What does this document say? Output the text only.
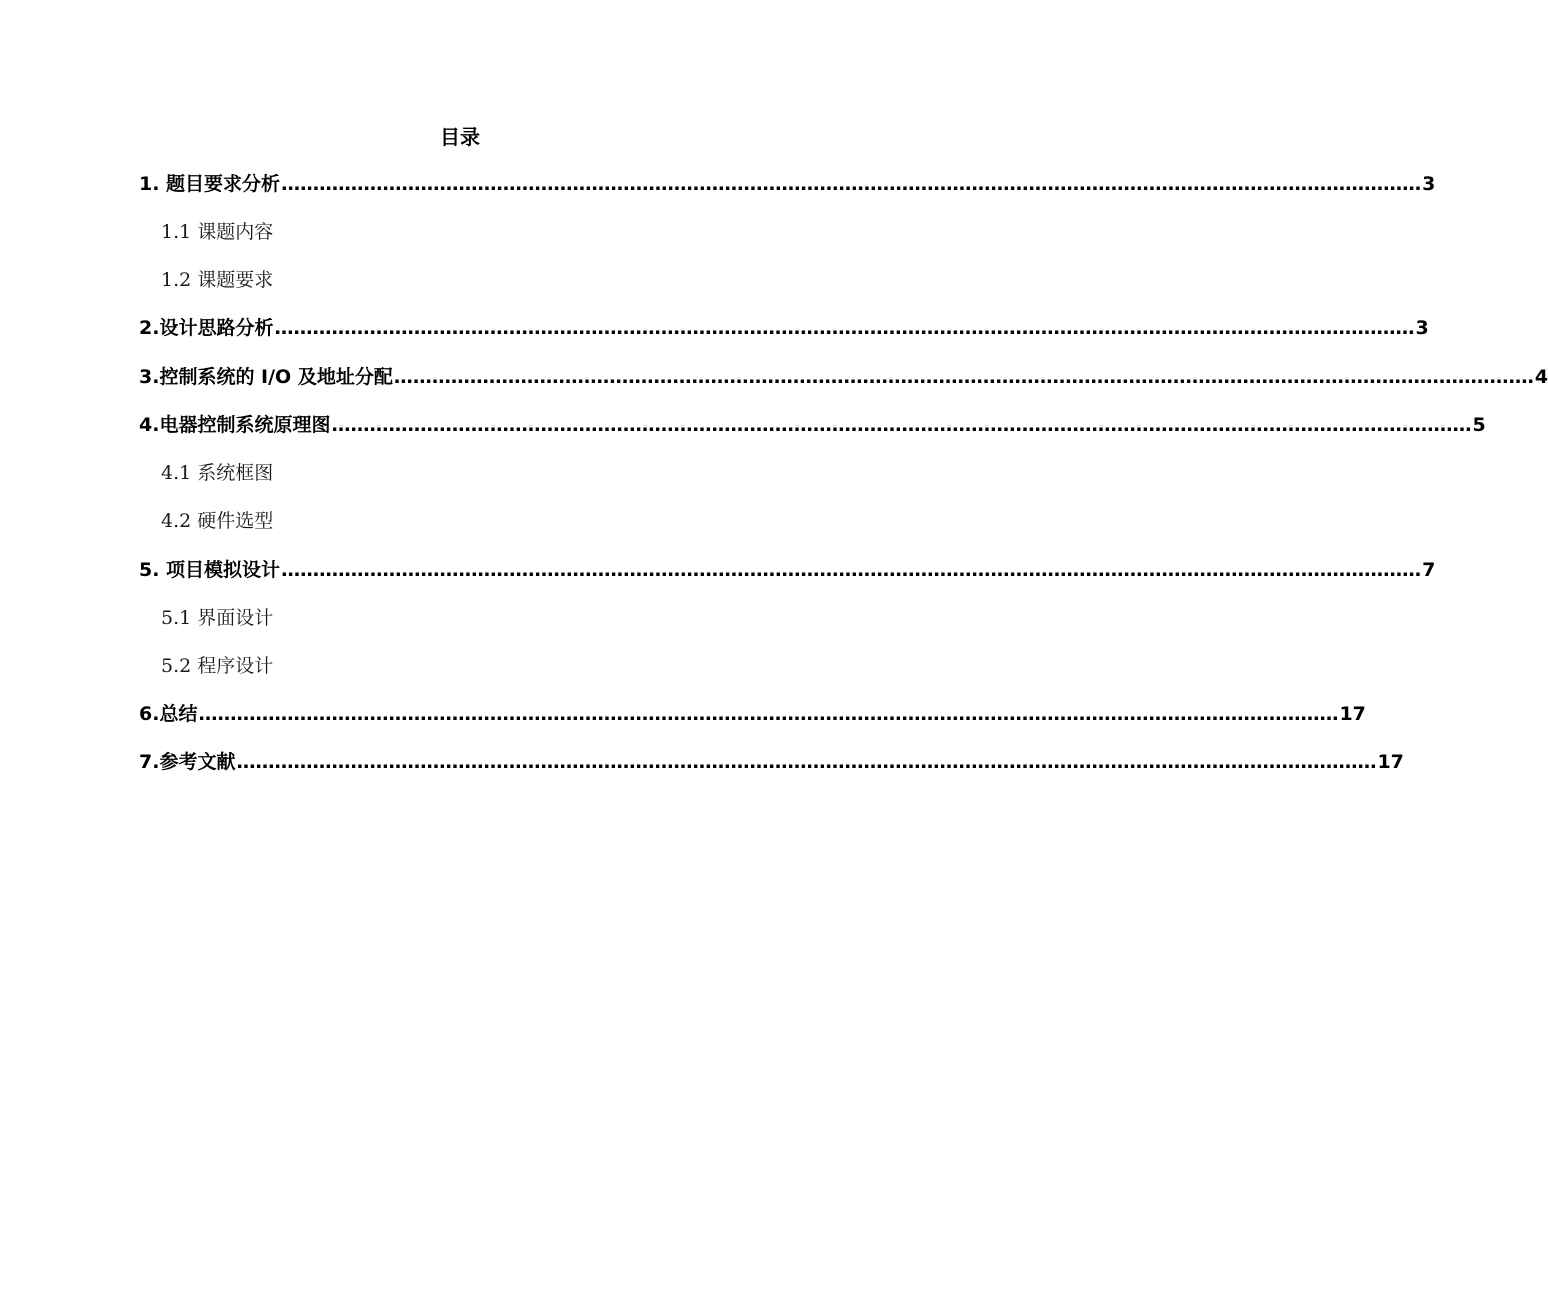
目录
1. 题目要求分析 ……………………………………………………………………………………………………………………………………………………………… 3
1.1 课题内容
1.2 课题要求
2.设计思路分析 ……………………………………………………………………………………………………………………………………………………………… 3
3.控制系统的 I/O 及地址分配 ……………………………………………………………………………………………………………………………………………………………… 4
4.电器控制系统原理图 ……………………………………………………………………………………………………………………………………………………………… 5
4.1 系统框图
4.2 硬件选型
5. 项目模拟设计 ……………………………………………………………………………………………………………………………………………………………… 7
5.1 界面设计
5.2 程序设计
6.总结 ……………………………………………………………………………………………………………………………………………………………… 17
7.参考文献 ……………………………………………………………………………………………………………………………………………………………… 17
